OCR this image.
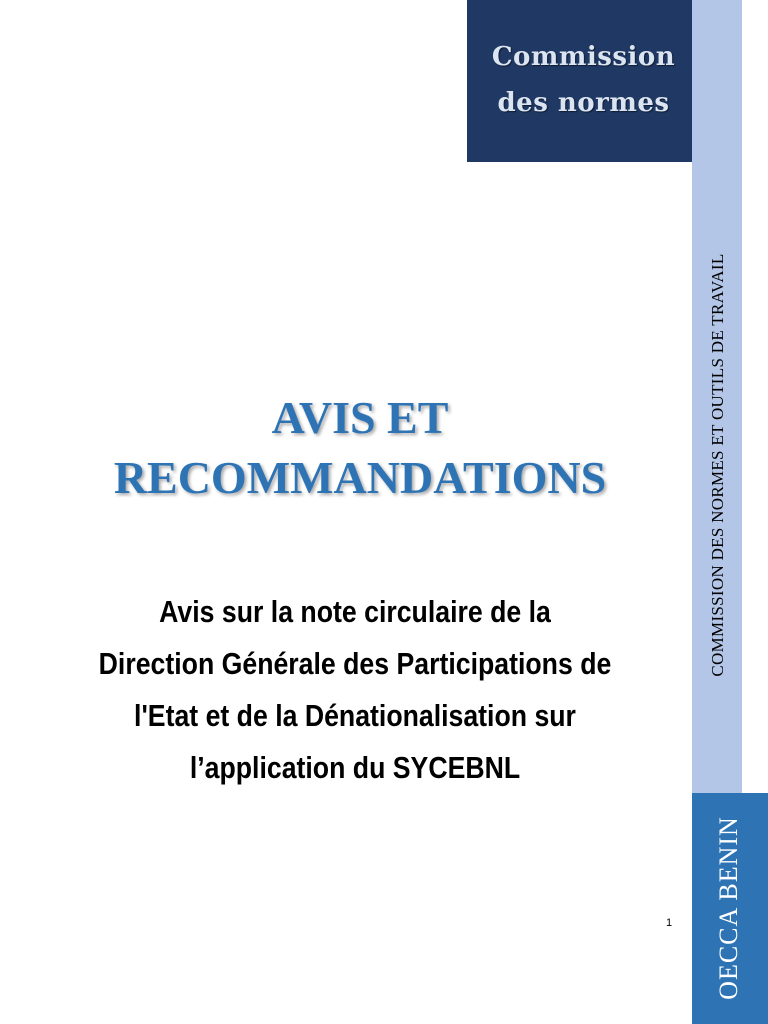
Commission
des normes
COMMISSION DES NORMES ET OUTILS DE TRAVAIL
OECCA BENIN
AVIS ET
RECOMMANDATIONS
Avis sur la note circulaire de la
Direction Générale des Participations de
l'Etat et de la Dénationalisation sur
l’application du SYCEBNL
1
